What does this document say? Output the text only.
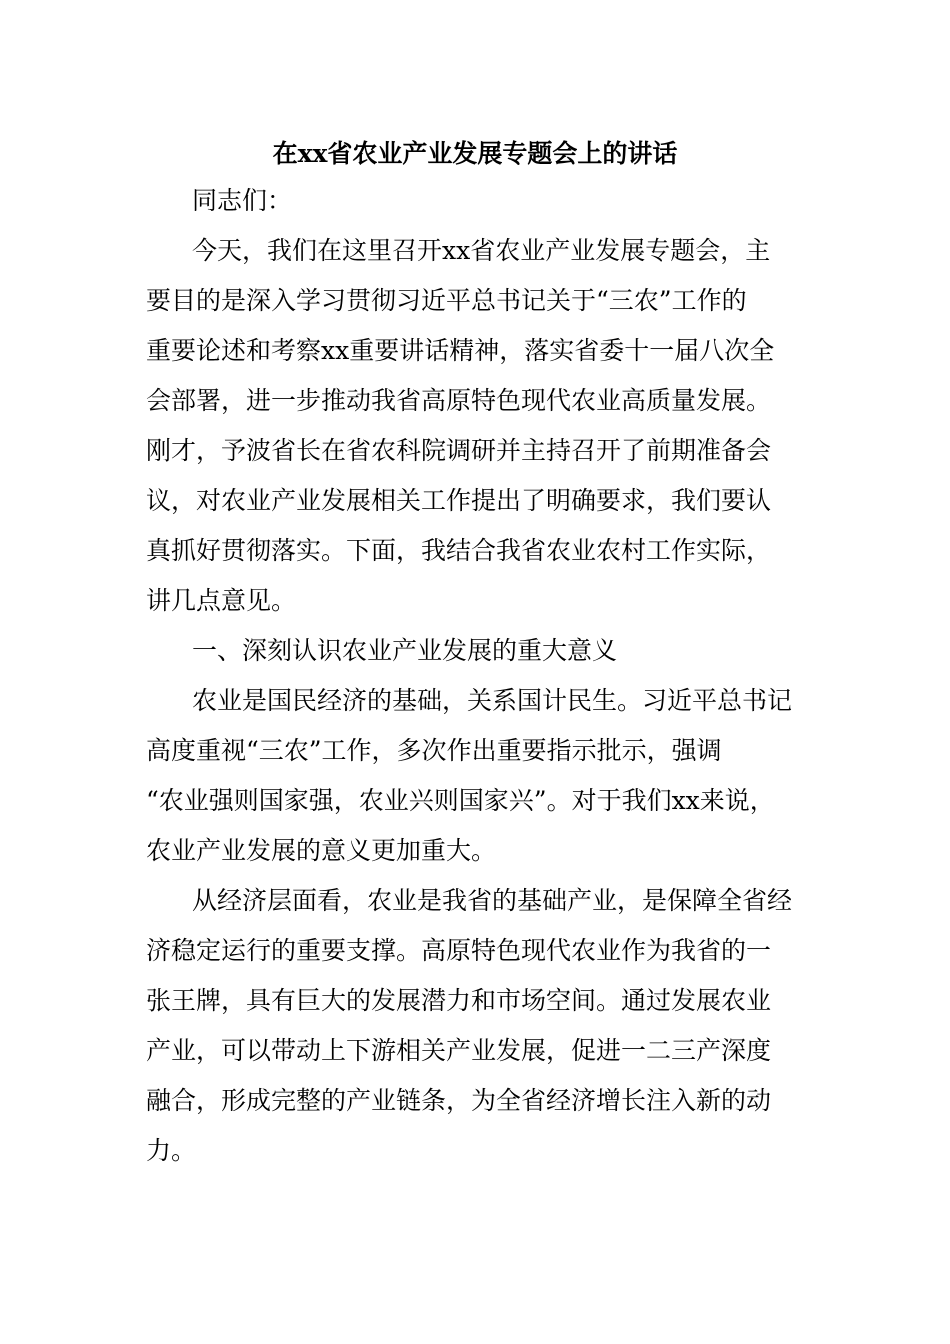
在xx省农业产业发展专题会上的讲话
同志们：
今天，我们在这里召开xx省农业产业发展专题会，主
要目的是深入学习贯彻习近平总书记关于“三农”工作的
重要论述和考察xx重要讲话精神，落实省委十一届八次全
会部署，进一步推动我省高原特色现代农业高质量发展。
刚才，予波省长在省农科院调研并主持召开了前期准备会
议，对农业产业发展相关工作提出了明确要求，我们要认
真抓好贯彻落实。下面，我结合我省农业农村工作实际，
讲几点意见。
一、深刻认识农业产业发展的重大意义
农业是国民经济的基础，关系国计民生。习近平总书记
高度重视“三农”工作，多次作出重要指示批示，强调
“农业强则国家强，农业兴则国家兴”。对于我们xx来说，
农业产业发展的意义更加重大。
从经济层面看，农业是我省的基础产业，是保障全省经
济稳定运行的重要支撑。高原特色现代农业作为我省的一
张王牌，具有巨大的发展潜力和市场空间。通过发展农业
产业，可以带动上下游相关产业发展，促进一二三产深度
融合，形成完整的产业链条，为全省经济增长注入新的动
力。
